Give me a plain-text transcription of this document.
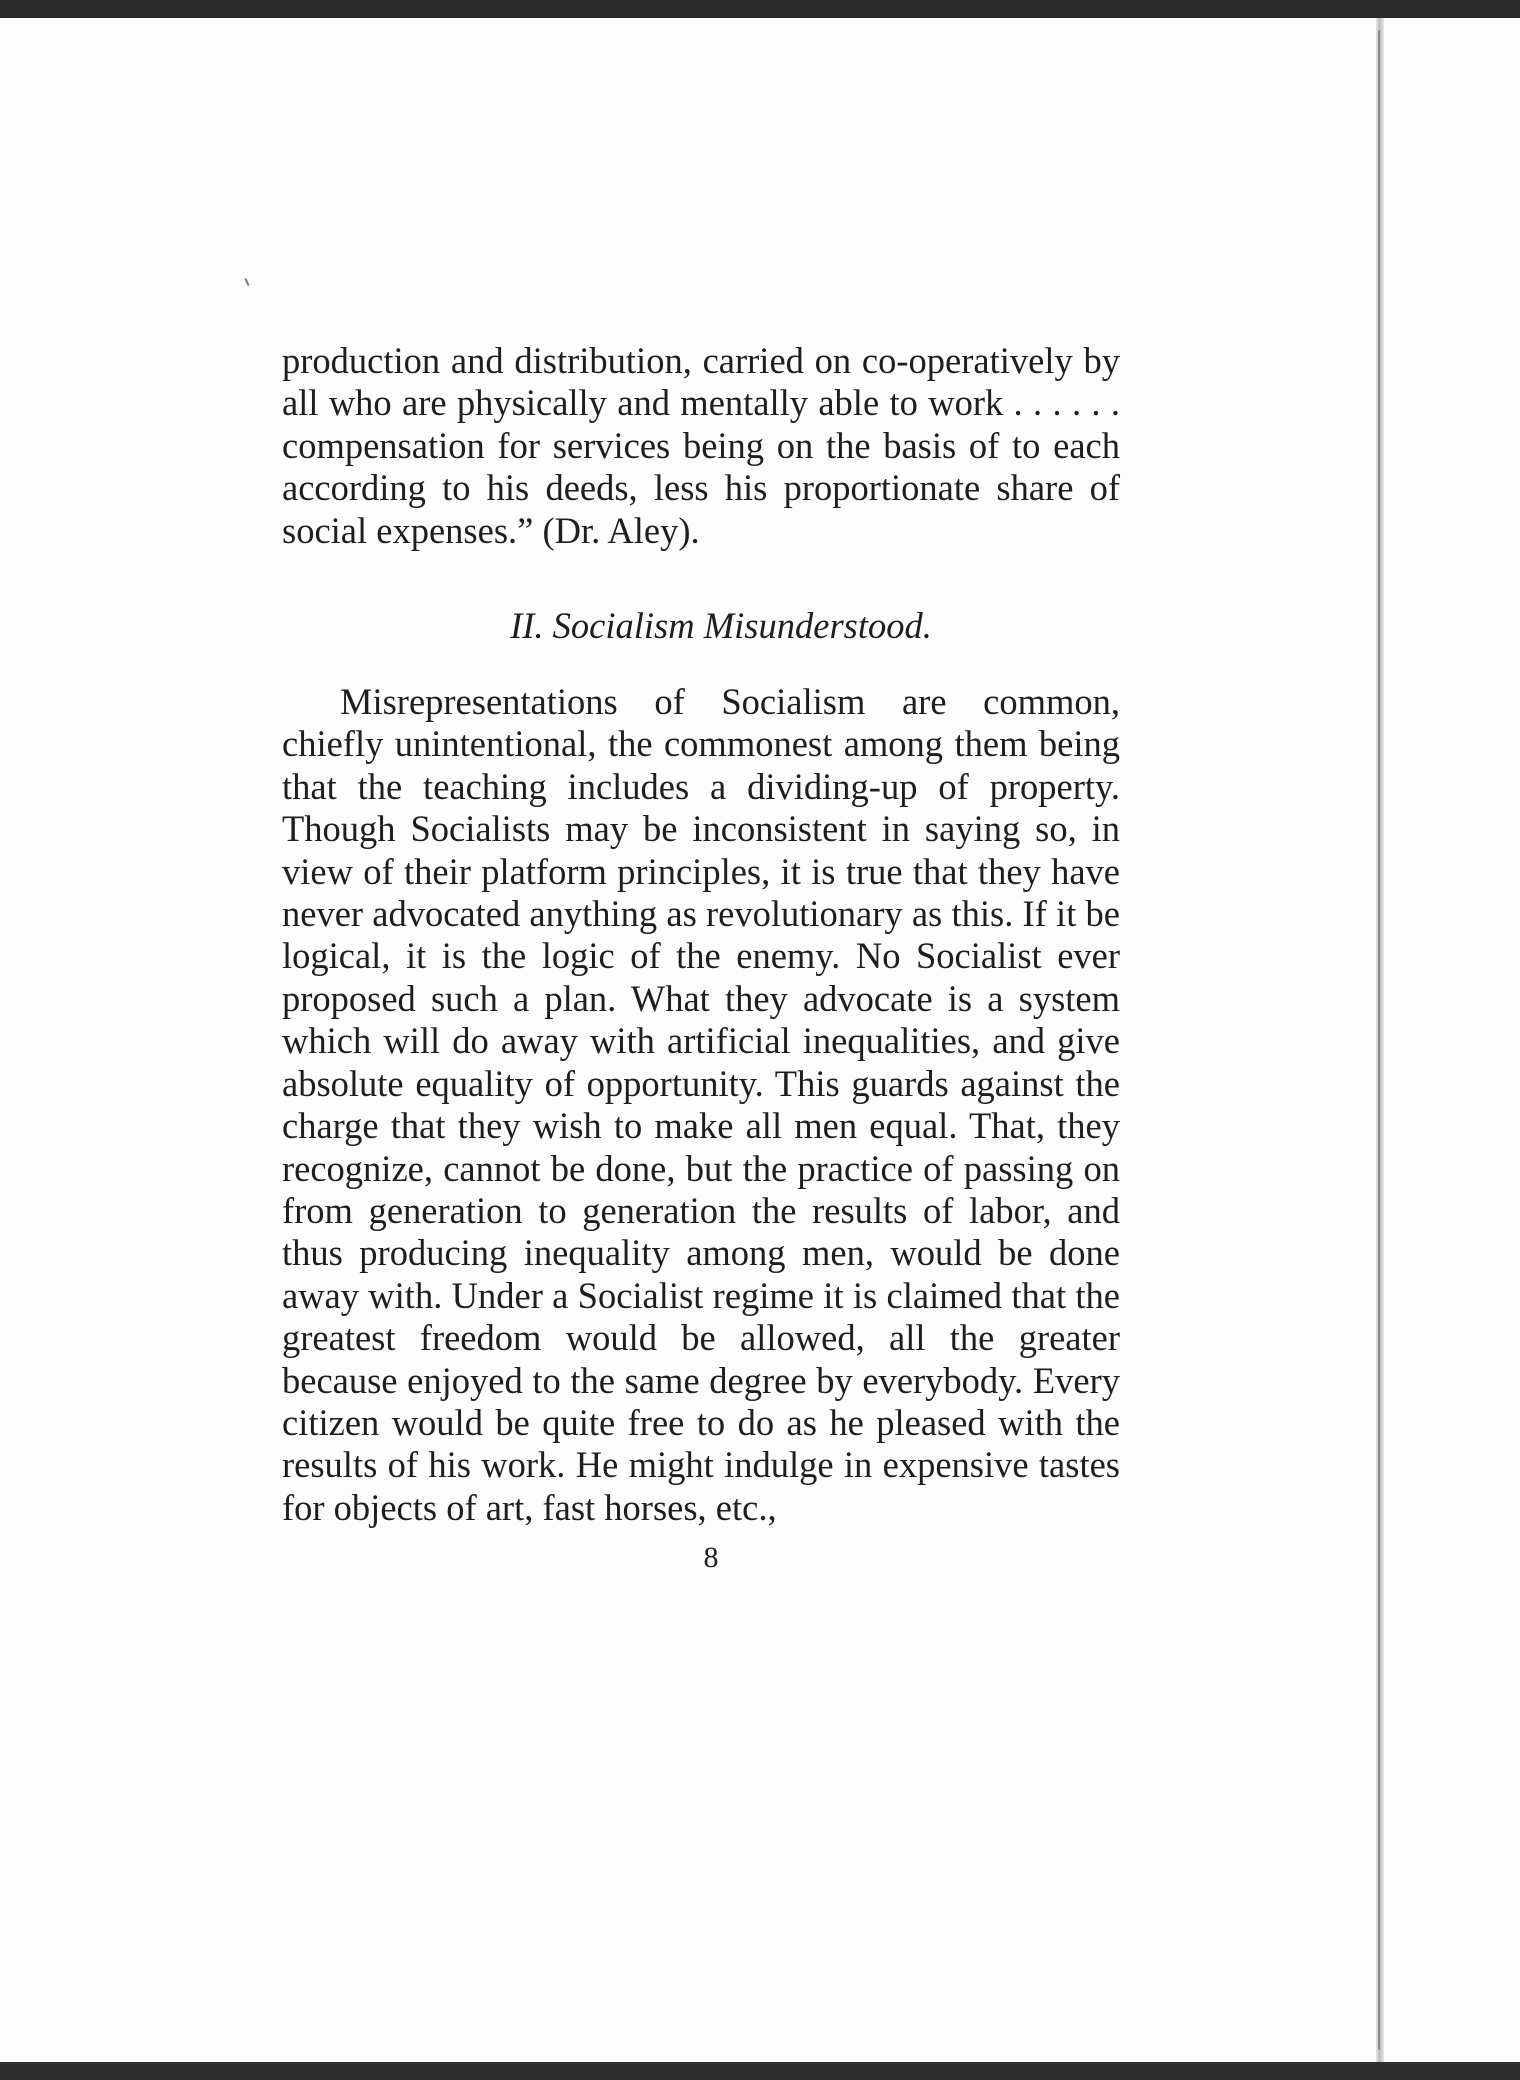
production and distribution, carried on co-operatively by all who are physically and mentally able to work . . . . . . compensation for services being on the basis of to each according to his deeds, less his proportionate share of social expenses.” (Dr. Aley).

II. Socialism Misunderstood.

Misrepresentations of Socialism are common, chiefly unintentional, the commonest among them being that the teaching includes a dividing-up of property. Though Socialists may be inconsistent in saying so, in view of their platform principles, it is true that they have never advocated anything as revolutionary as this. If it be logical, it is the logic of the enemy. No Socialist ever proposed such a plan. What they advocate is a system which will do away with artificial inequalities, and give absolute equality of opportunity. This guards against the charge that they wish to make all men equal. That, they recognize, cannot be done, but the practice of passing on from generation to generation the results of labor, and thus producing inequality among men, would be done away with. Under a Socialist regime it is claimed that the greatest freedom would be allowed, all the greater because enjoyed to the same degree by everybody. Every citizen would be quite free to do as he pleased with the results of his work. He might indulge in expensive tastes for objects of art, fast horses, etc.,

8
